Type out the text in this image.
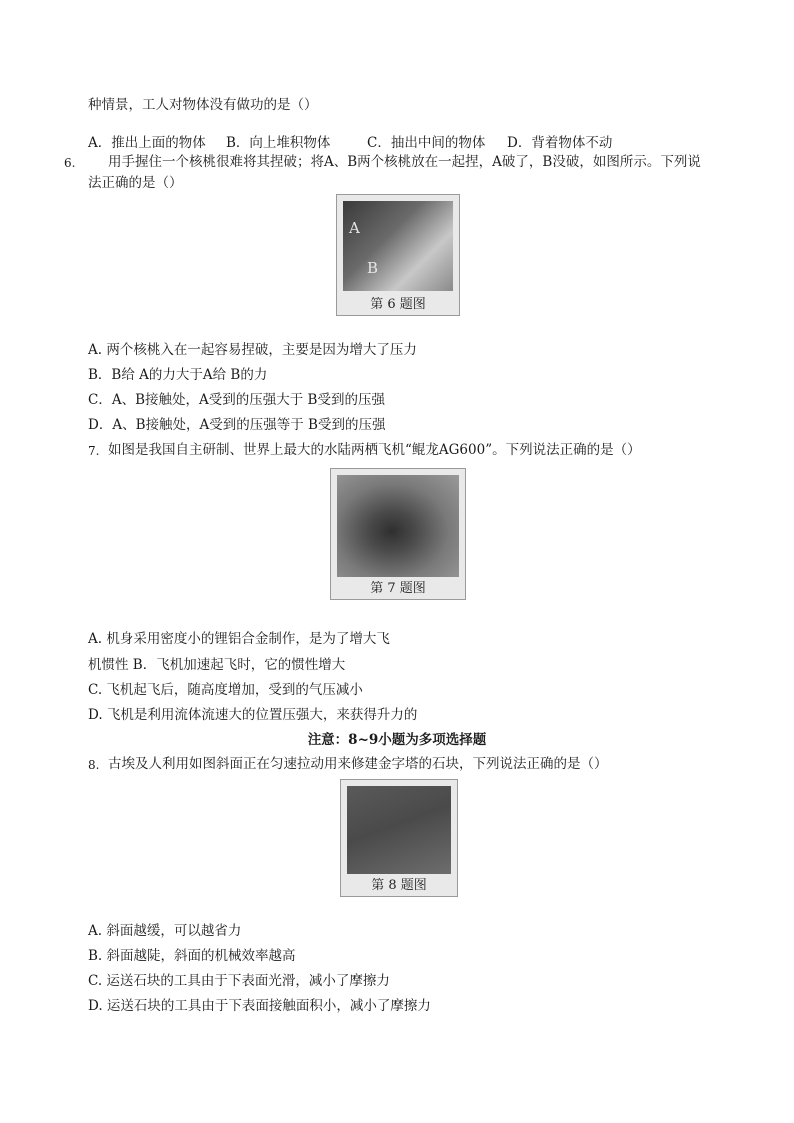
种情景，工人对物体没有做功的是（）
A．推出上面的物体 B．向上堆积物体	C．抽出中间的物体 D．背着物体不动
6. 用手握住一个核桃很难将其捏破；将A、B两个核桃放在一起捏，A破了，B没破，如图所示。下列说
法正确的是（）
A
B
第 6 题图
A. 两个核桃入在一起容易捏破，主要是因为增大了压力
B．B给 A的力大于A给 B的力
C．A、B接触处，A受到的压强大于 B受到的压强
D．A、B接触处，A受到的压强等于 B受到的压强
7. 如图是我国自主研制、世界上最大的水陆两栖飞机“鲲龙AG600”。下列说法正确的是（）
第 7 题图
A. 机身采用密度小的锂铝合金制作，是为了增大飞
机惯性 B．飞机加速起飞时，它的惯性增大
C. 飞机起飞后，随高度增加，受到的气压减小
D. 飞机是利用流体流速大的位置压强大，来获得升力的
注意：8~9小题为多项选择题
8. 古埃及人利用如图斜面正在匀速拉动用来修建金字塔的石块，下列说法正确的是（）
第 8 题图
A. 斜面越缓，可以越省力
B. 斜面越陡，斜面的机械效率越高
C. 运送石块的工具由于下表面光滑，减小了摩擦力
D. 运送石块的工具由于下表面接触面积小，减小了摩擦力
